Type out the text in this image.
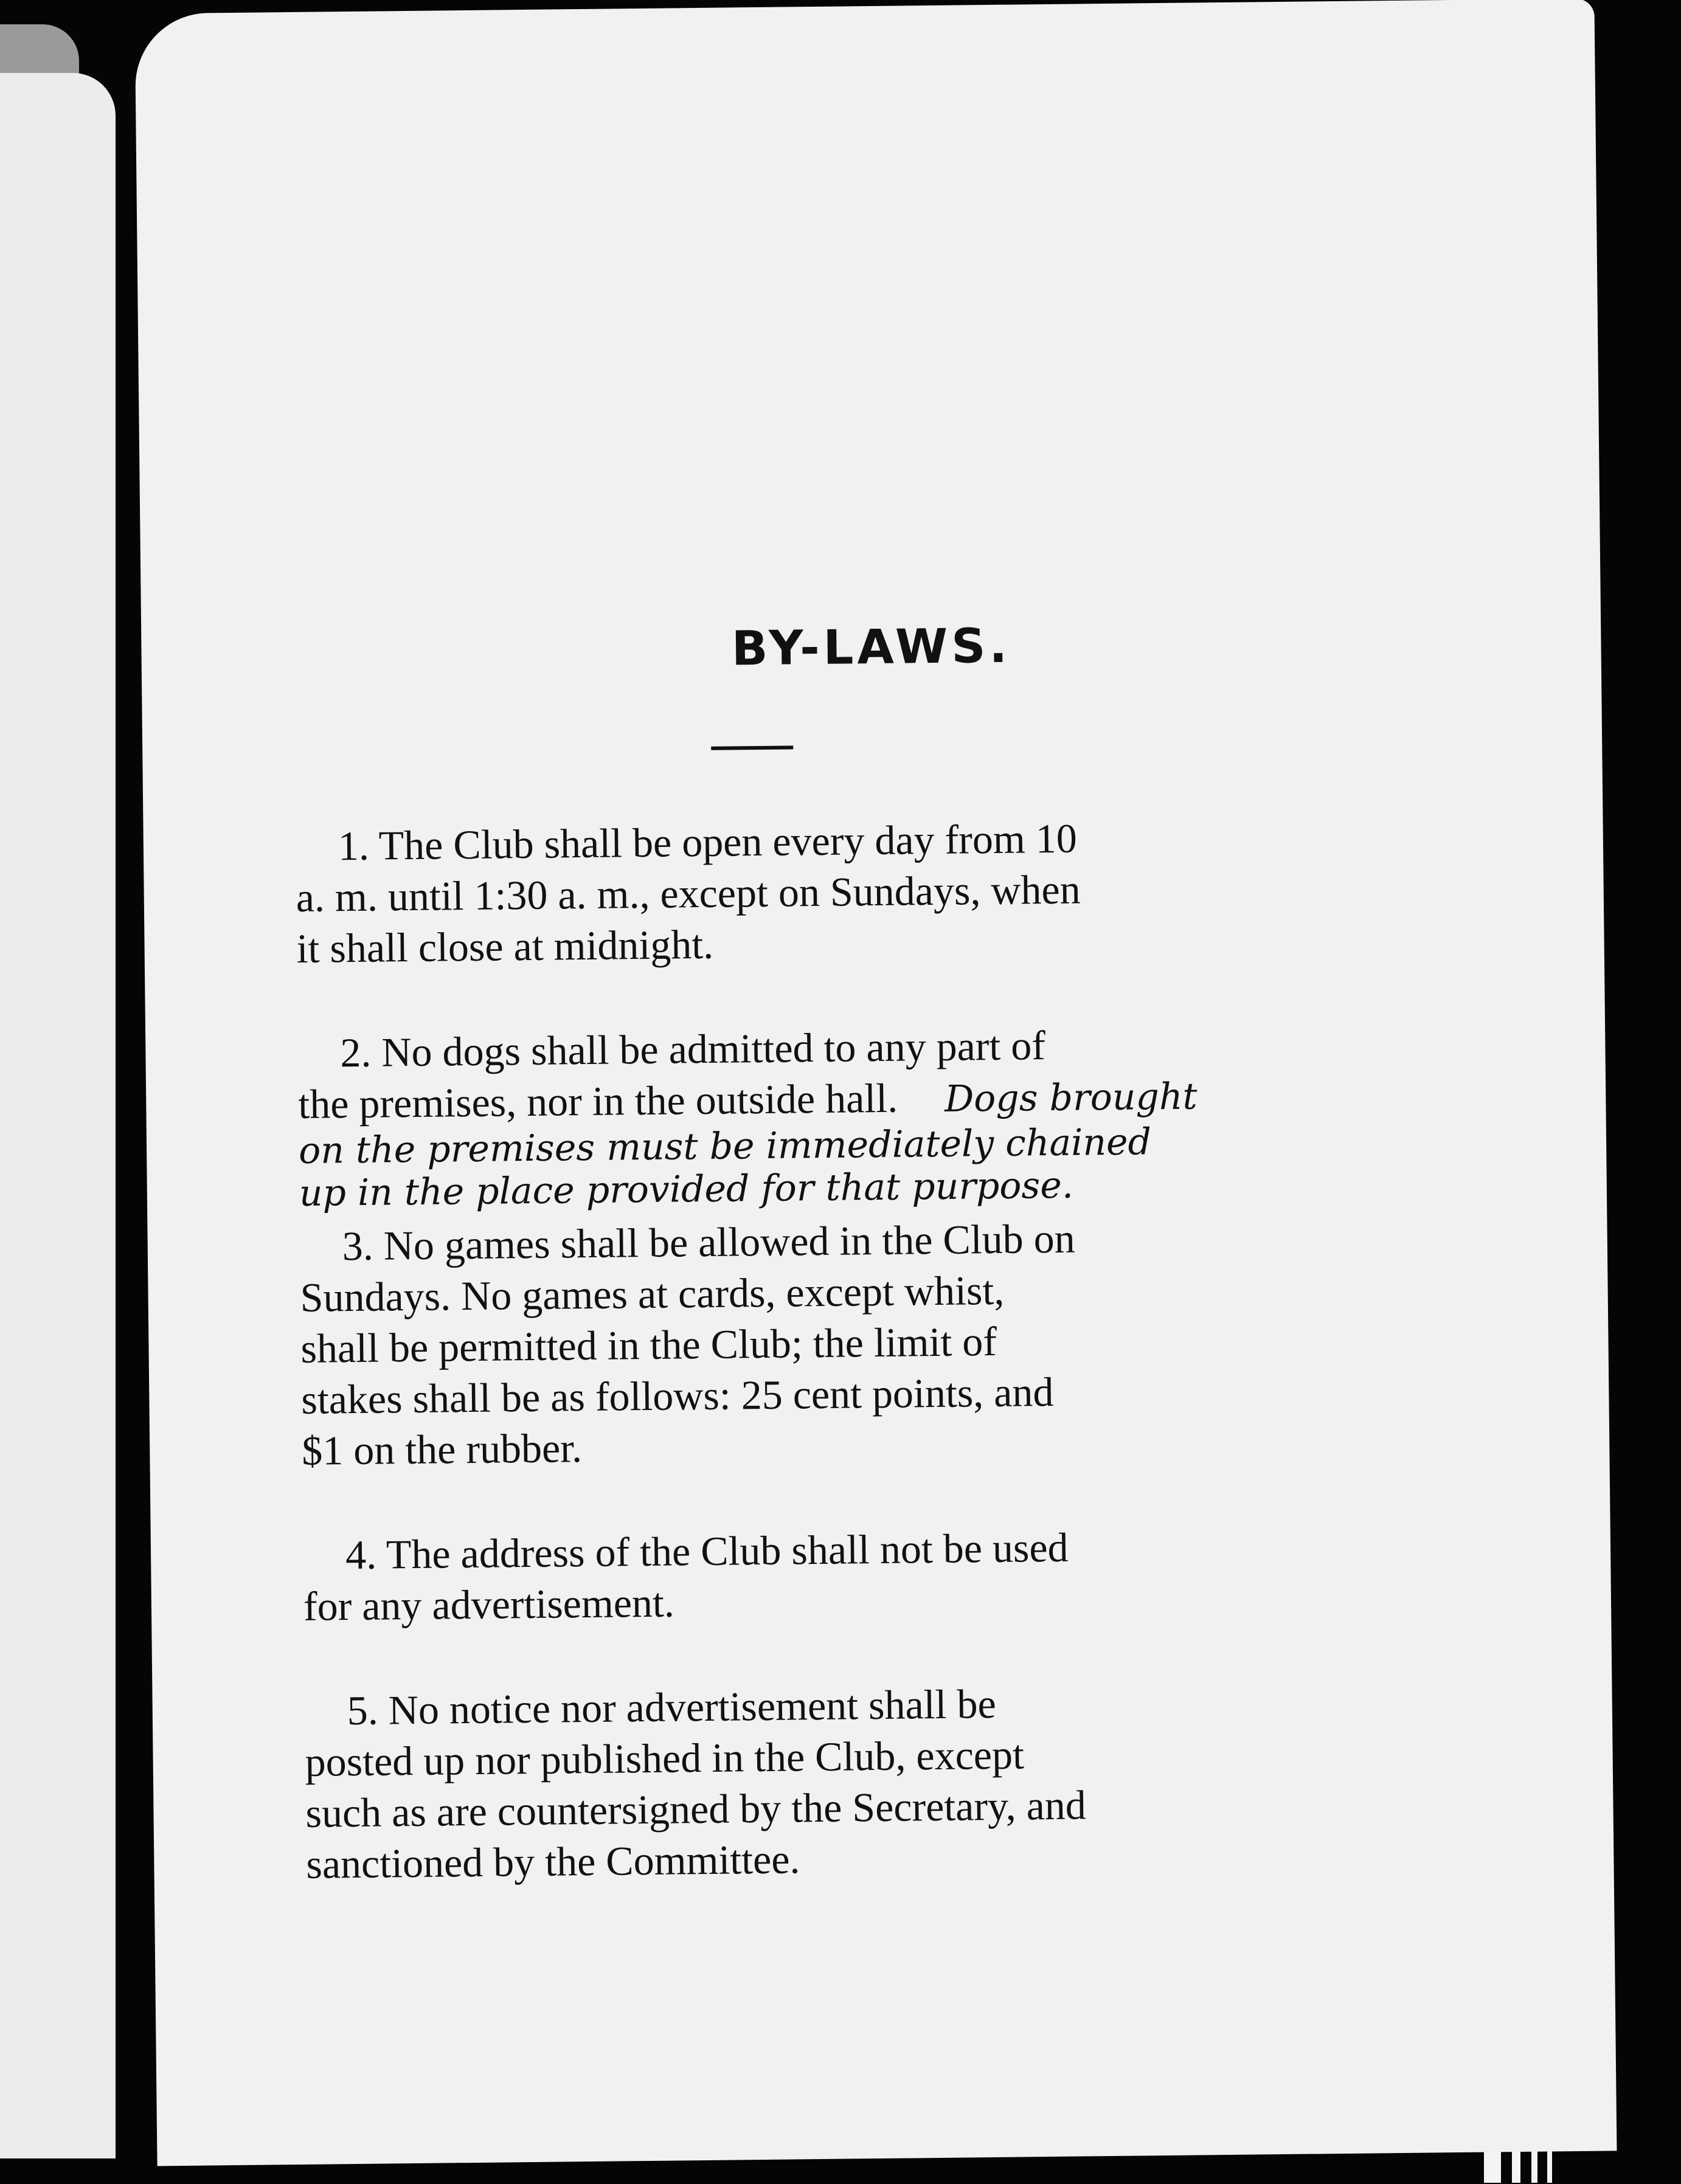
BY-LAWS.
1. The Club shall be open every day from 10
a. m. until 1:30 a. m., except on Sundays, when
it shall close at midnight.
2. No dogs shall be admitted to any part of
the premises, nor in the outside hall. Dogs brought
on the premises must be immediately chained
up in the place provided for that purpose.
3. No games shall be allowed in the Club on
Sundays. No games at cards, except whist,
shall be permitted in the Club; the limit of
stakes shall be as follows: 25 cent points, and
$1 on the rubber.
4. The address of the Club shall not be used
for any advertisement.
5. No notice nor advertisement shall be
posted up nor published in the Club, except
such as are countersigned by the Secretary, and
sanctioned by the Committee.
